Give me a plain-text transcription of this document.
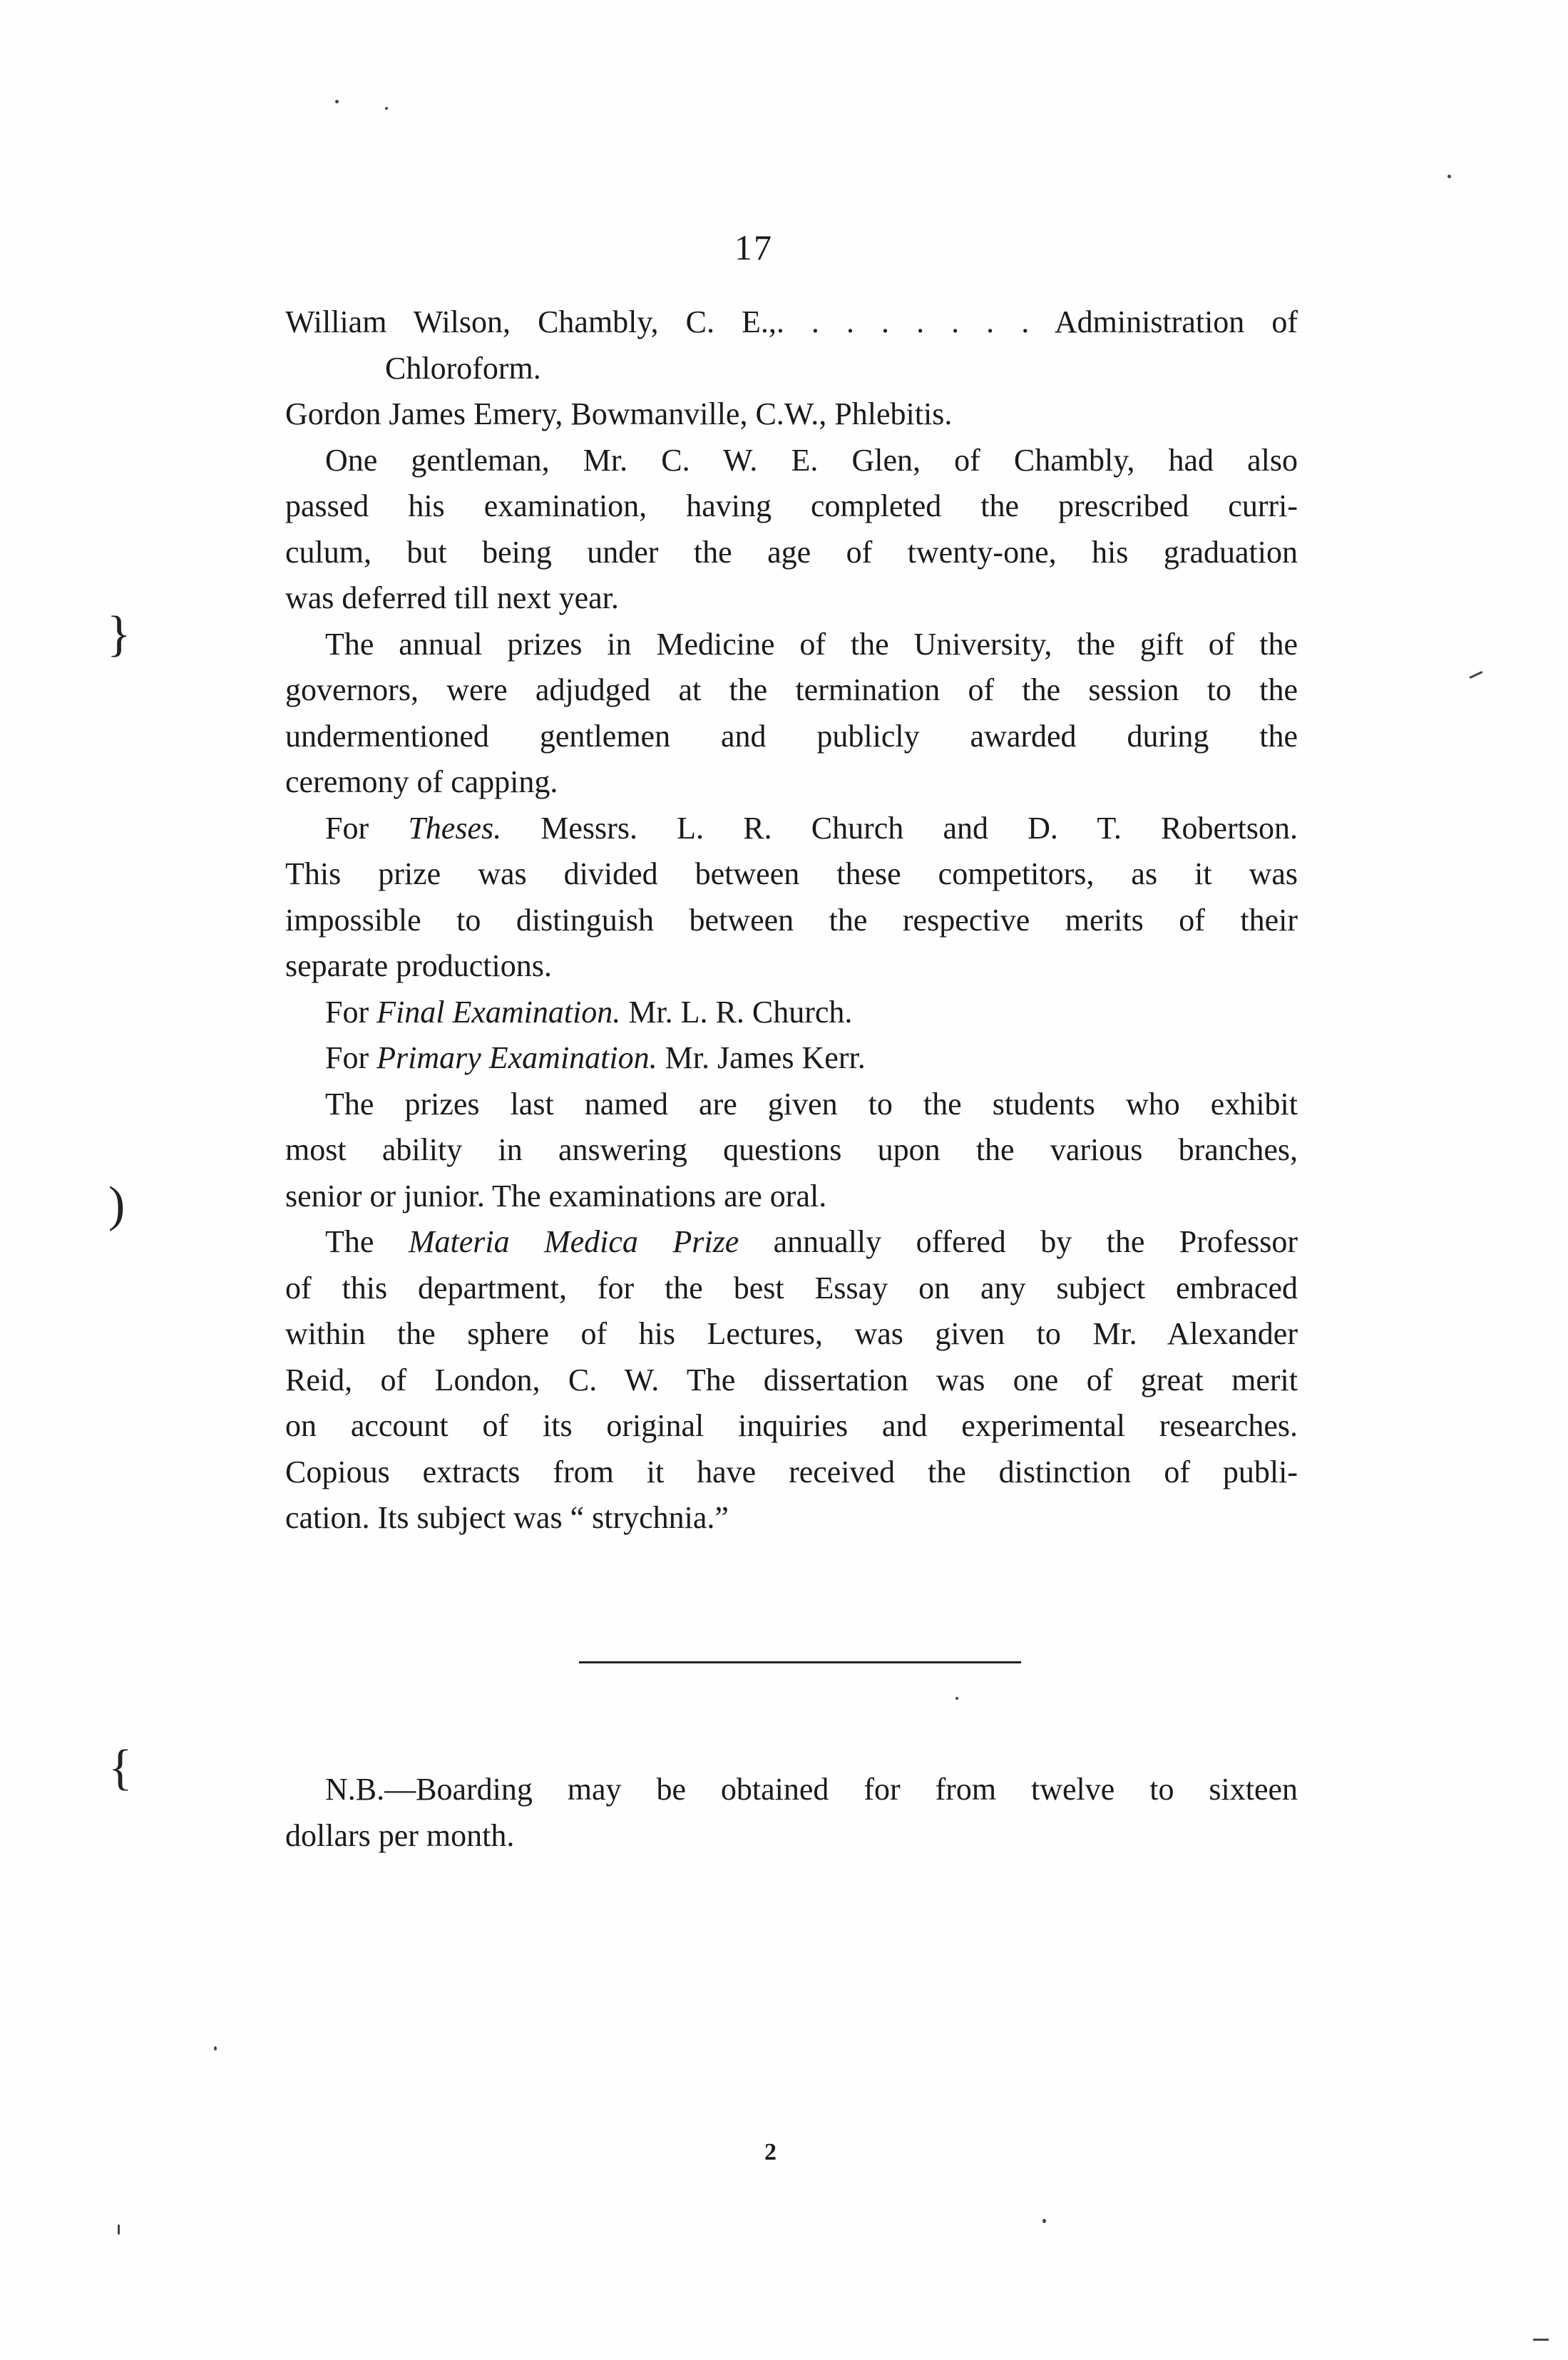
17
William Wilson, Chambly, C. E.,. . . . . . . . Administration of
Chloroform.
Gordon James Emery, Bowmanville, C.W., Phlebitis.
One gentleman, Mr. C. W. E. Glen, of Chambly, had also
passed his examination, having completed the prescribed curri-
culum, but being under the age of twenty-one, his graduation
was deferred till next year.
The annual prizes in Medicine of the University, the gift of the
governors, were adjudged at the termination of the session to the
undermentioned gentlemen and publicly awarded during the
ceremony of capping.
For Theses. Messrs. L. R. Church and D. T. Robertson.
This prize was divided between these competitors, as it was
impossible to distinguish between the respective merits of their
separate productions.
For Final Examination. Mr. L. R. Church.
For Primary Examination. Mr. James Kerr.
The prizes last named are given to the students who exhibit
most ability in answering questions upon the various branches,
senior or junior. The examinations are oral.
The Materia Medica Prize annually offered by the Professor
of this department, for the best Essay on any subject embraced
within the sphere of his Lectures, was given to Mr. Alexander
Reid, of London, C. W. The dissertation was one of great merit
on account of its original inquiries and experimental researches.
Copious extracts from it have received the distinction of publi-
cation. Its subject was “ strychnia.”
N.B.—Boarding may be obtained for from twelve to sixteen
dollars per month.
2
}
)
{
